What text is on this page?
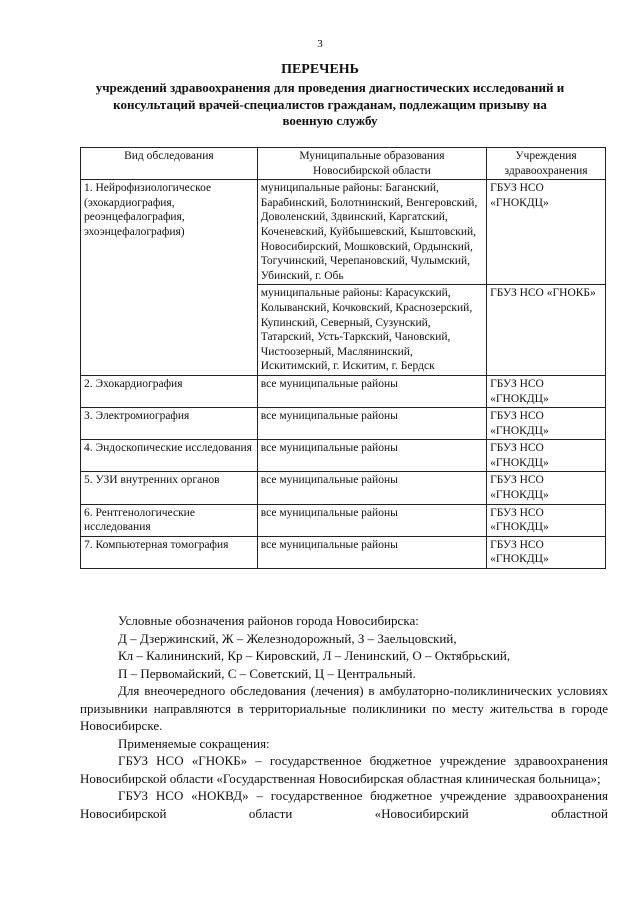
3
ПЕРЕЧЕНЬ
учреждений здравоохранения для проведения диагностических исследований и консультаций врачей-специалистов гражданам, подлежащим призыву на военную службу
Вид обследования	Муниципальные образования Новосибирской области	Учреждения здравоохранения
1. Нейрофизиологическое (эхокардиография, реоэнцефалография, эхоэнцефалография)	муниципальные районы: Баганский, Барабинский, Болотнинский, Венгеровский, Доволенский, Здвинский, Каргатский, Коченевский, Куйбышевский, Кыштовский, Новосибирский, Мошковский, Ордынский, Тогучинский, Черепановский, Чулымский, Убинский, г. Обь	ГБУЗ НСО «ГНОКДЦ»
	муниципальные районы: Карасукский, Колыванский, Кочковский, Краснозерский, Купинский, Северный, Сузунский, Татарский, Усть-Таркский, Чановский, Чистоозерный, Маслянинский, Искитимский, г. Искитим, г. Бердск	ГБУЗ НСО «ГНОКБ»
2. Эхокардиография	все муниципальные районы	ГБУЗ НСО «ГНОКДЦ»
3. Электромиография	все муниципальные районы	ГБУЗ НСО «ГНОКДЦ»
4. Эндоскопические исследования	все муниципальные районы	ГБУЗ НСО «ГНОКДЦ»
5. УЗИ внутренних органов	все муниципальные районы	ГБУЗ НСО «ГНОКДЦ»
6. Рентгенологические исследования	все муниципальные районы	ГБУЗ НСО «ГНОКДЦ»
7. Компьютерная томография	все муниципальные районы	ГБУЗ НСО «ГНОКДЦ»

Условные обозначения районов города Новосибирска:

Д – Дзержинский, Ж – Железнодорожный, З – Заельцовский,

Кл – Калининский, Кр – Кировский, Л – Ленинский, О – Октябрьский,

П – Первомайский, С – Советский, Ц – Центральный.

Для внеочередного обследования (лечения) в амбулаторно-поликлинических условиях призывники направляются в территориальные поликлиники по месту жительства в городе Новосибирске.

Применяемые сокращения:

ГБУЗ НСО «ГНОКБ» – государственное бюджетное учреждение здравоохранения Новосибирской области «Государственная Новосибирская областная клиническая больница»;

ГБУЗ НСО «НОКВД» – государственное бюджетное учреждение здравоохранения Новосибирской области «Новосибирский областной
